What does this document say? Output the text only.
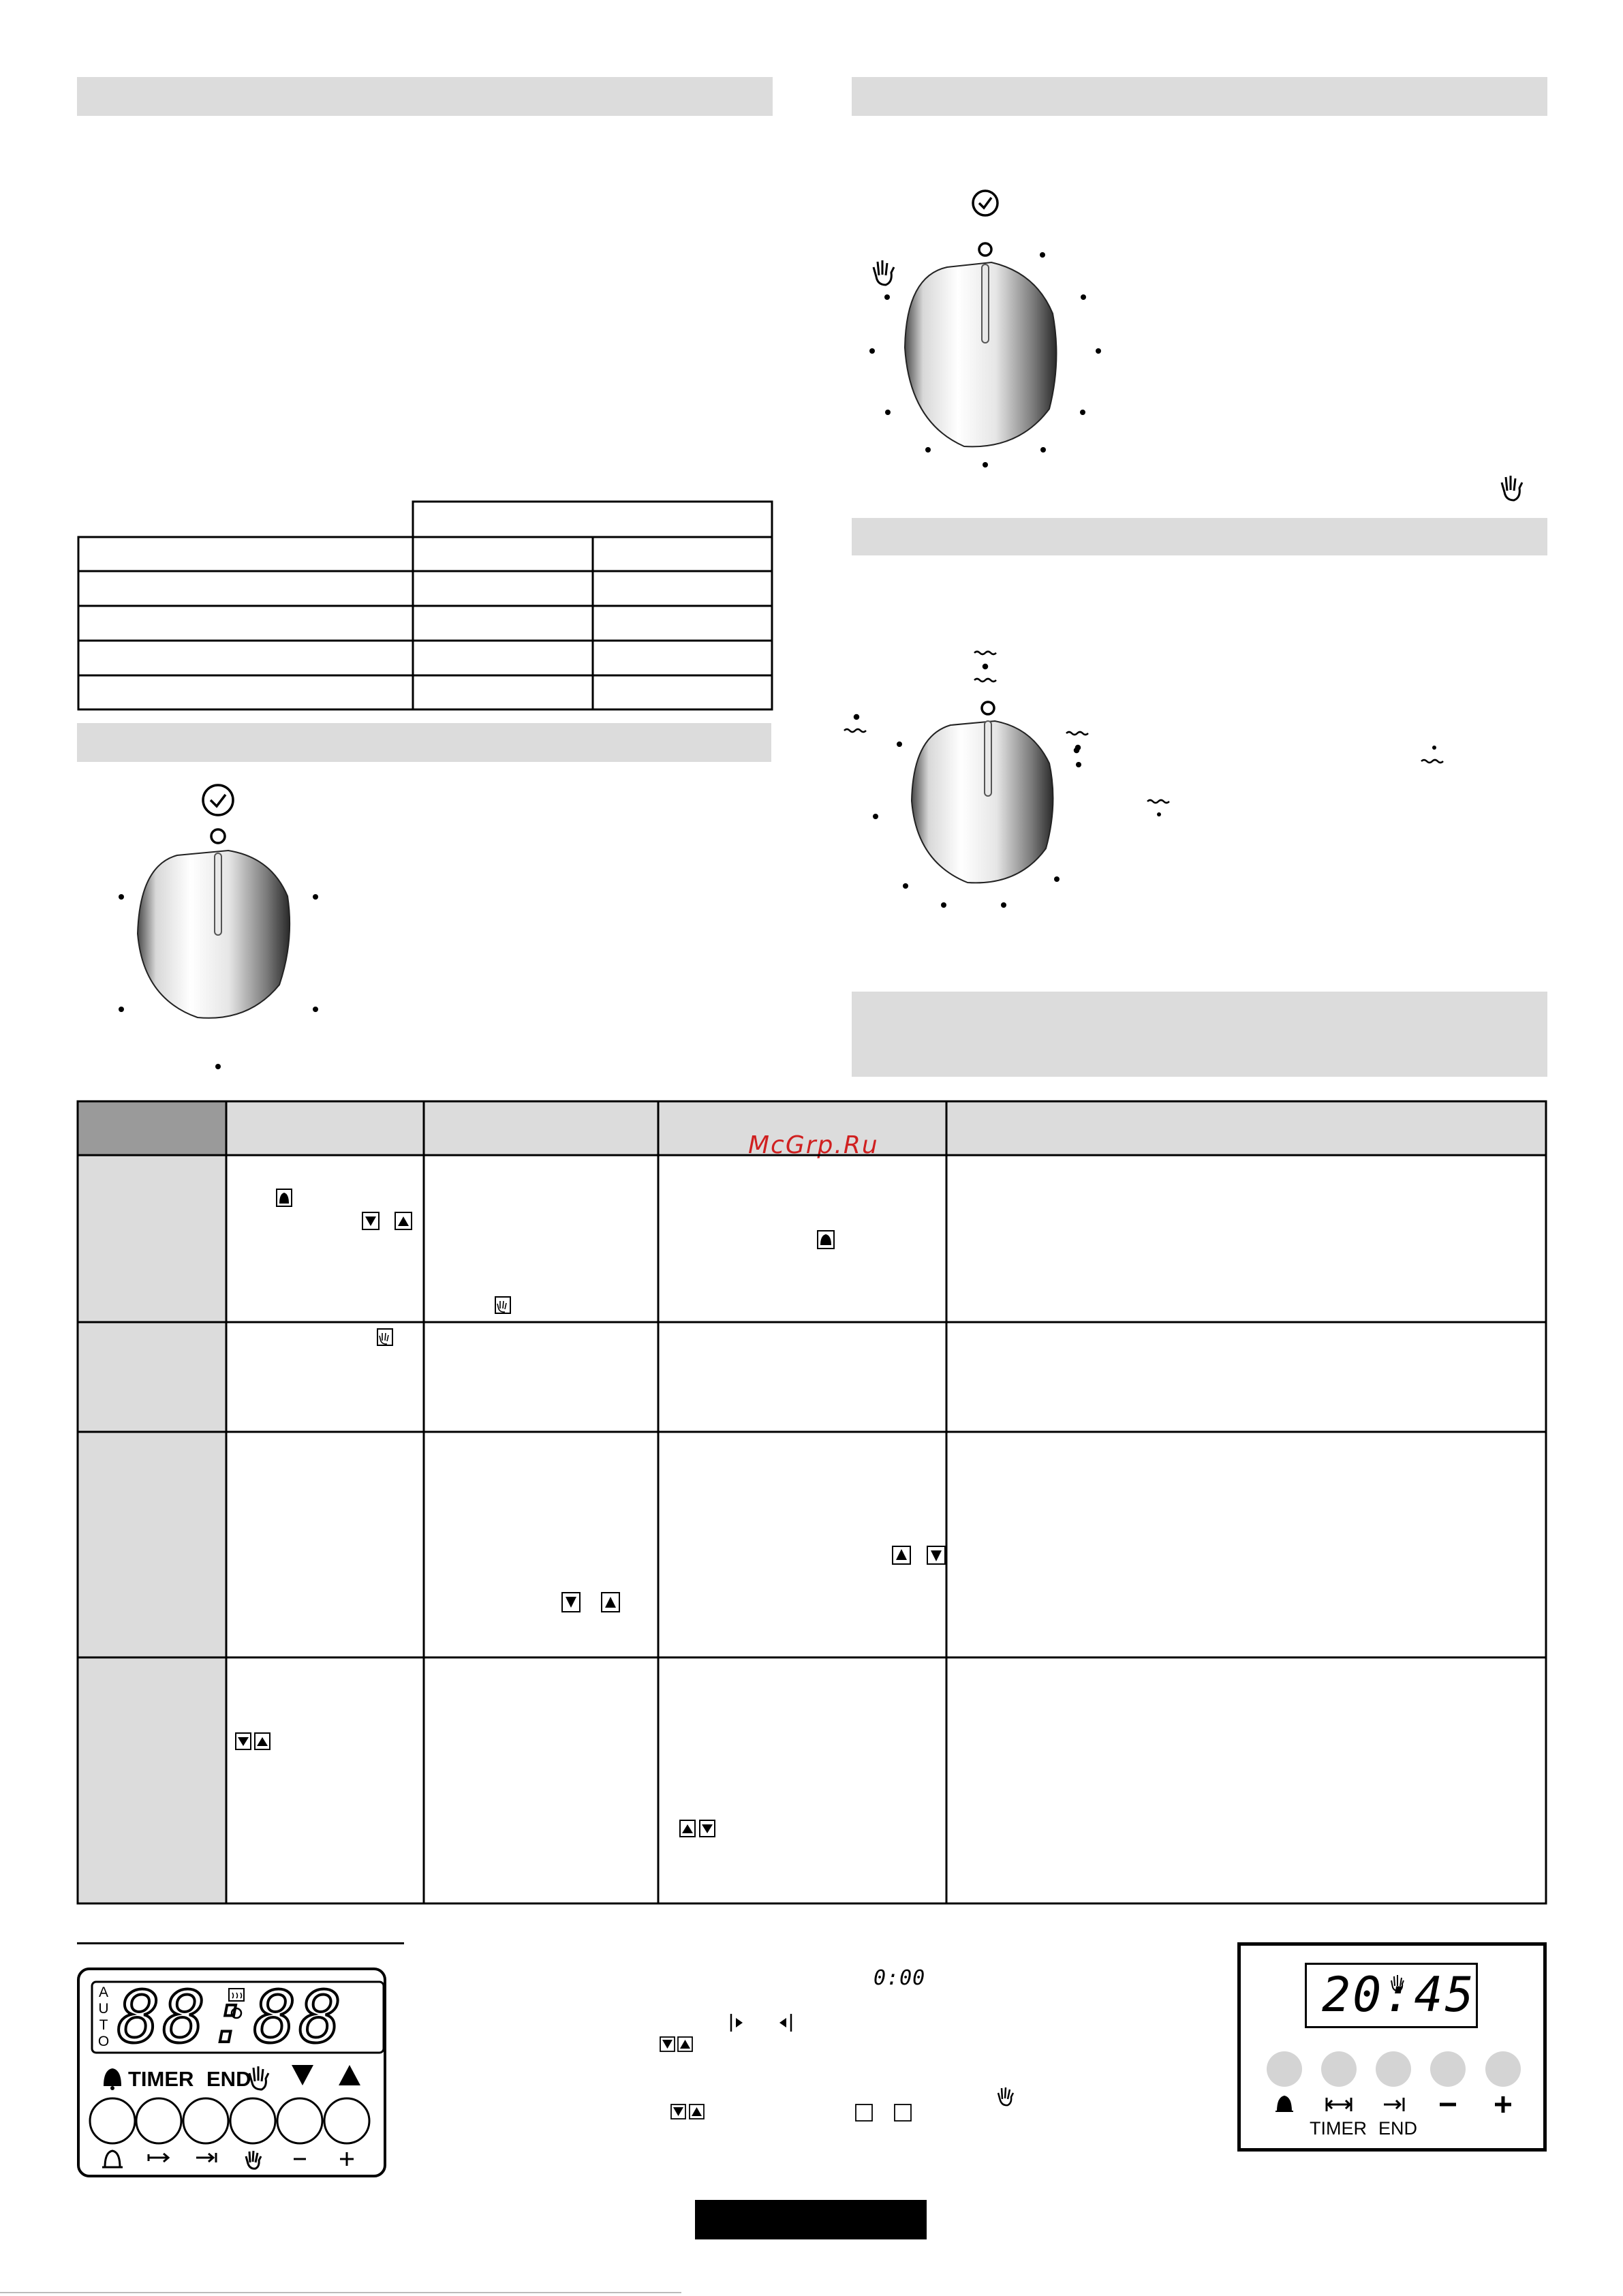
McGrp.Ru
A
U
T
O 88:88
TIMER END
0:00	20:45
TIMER END
